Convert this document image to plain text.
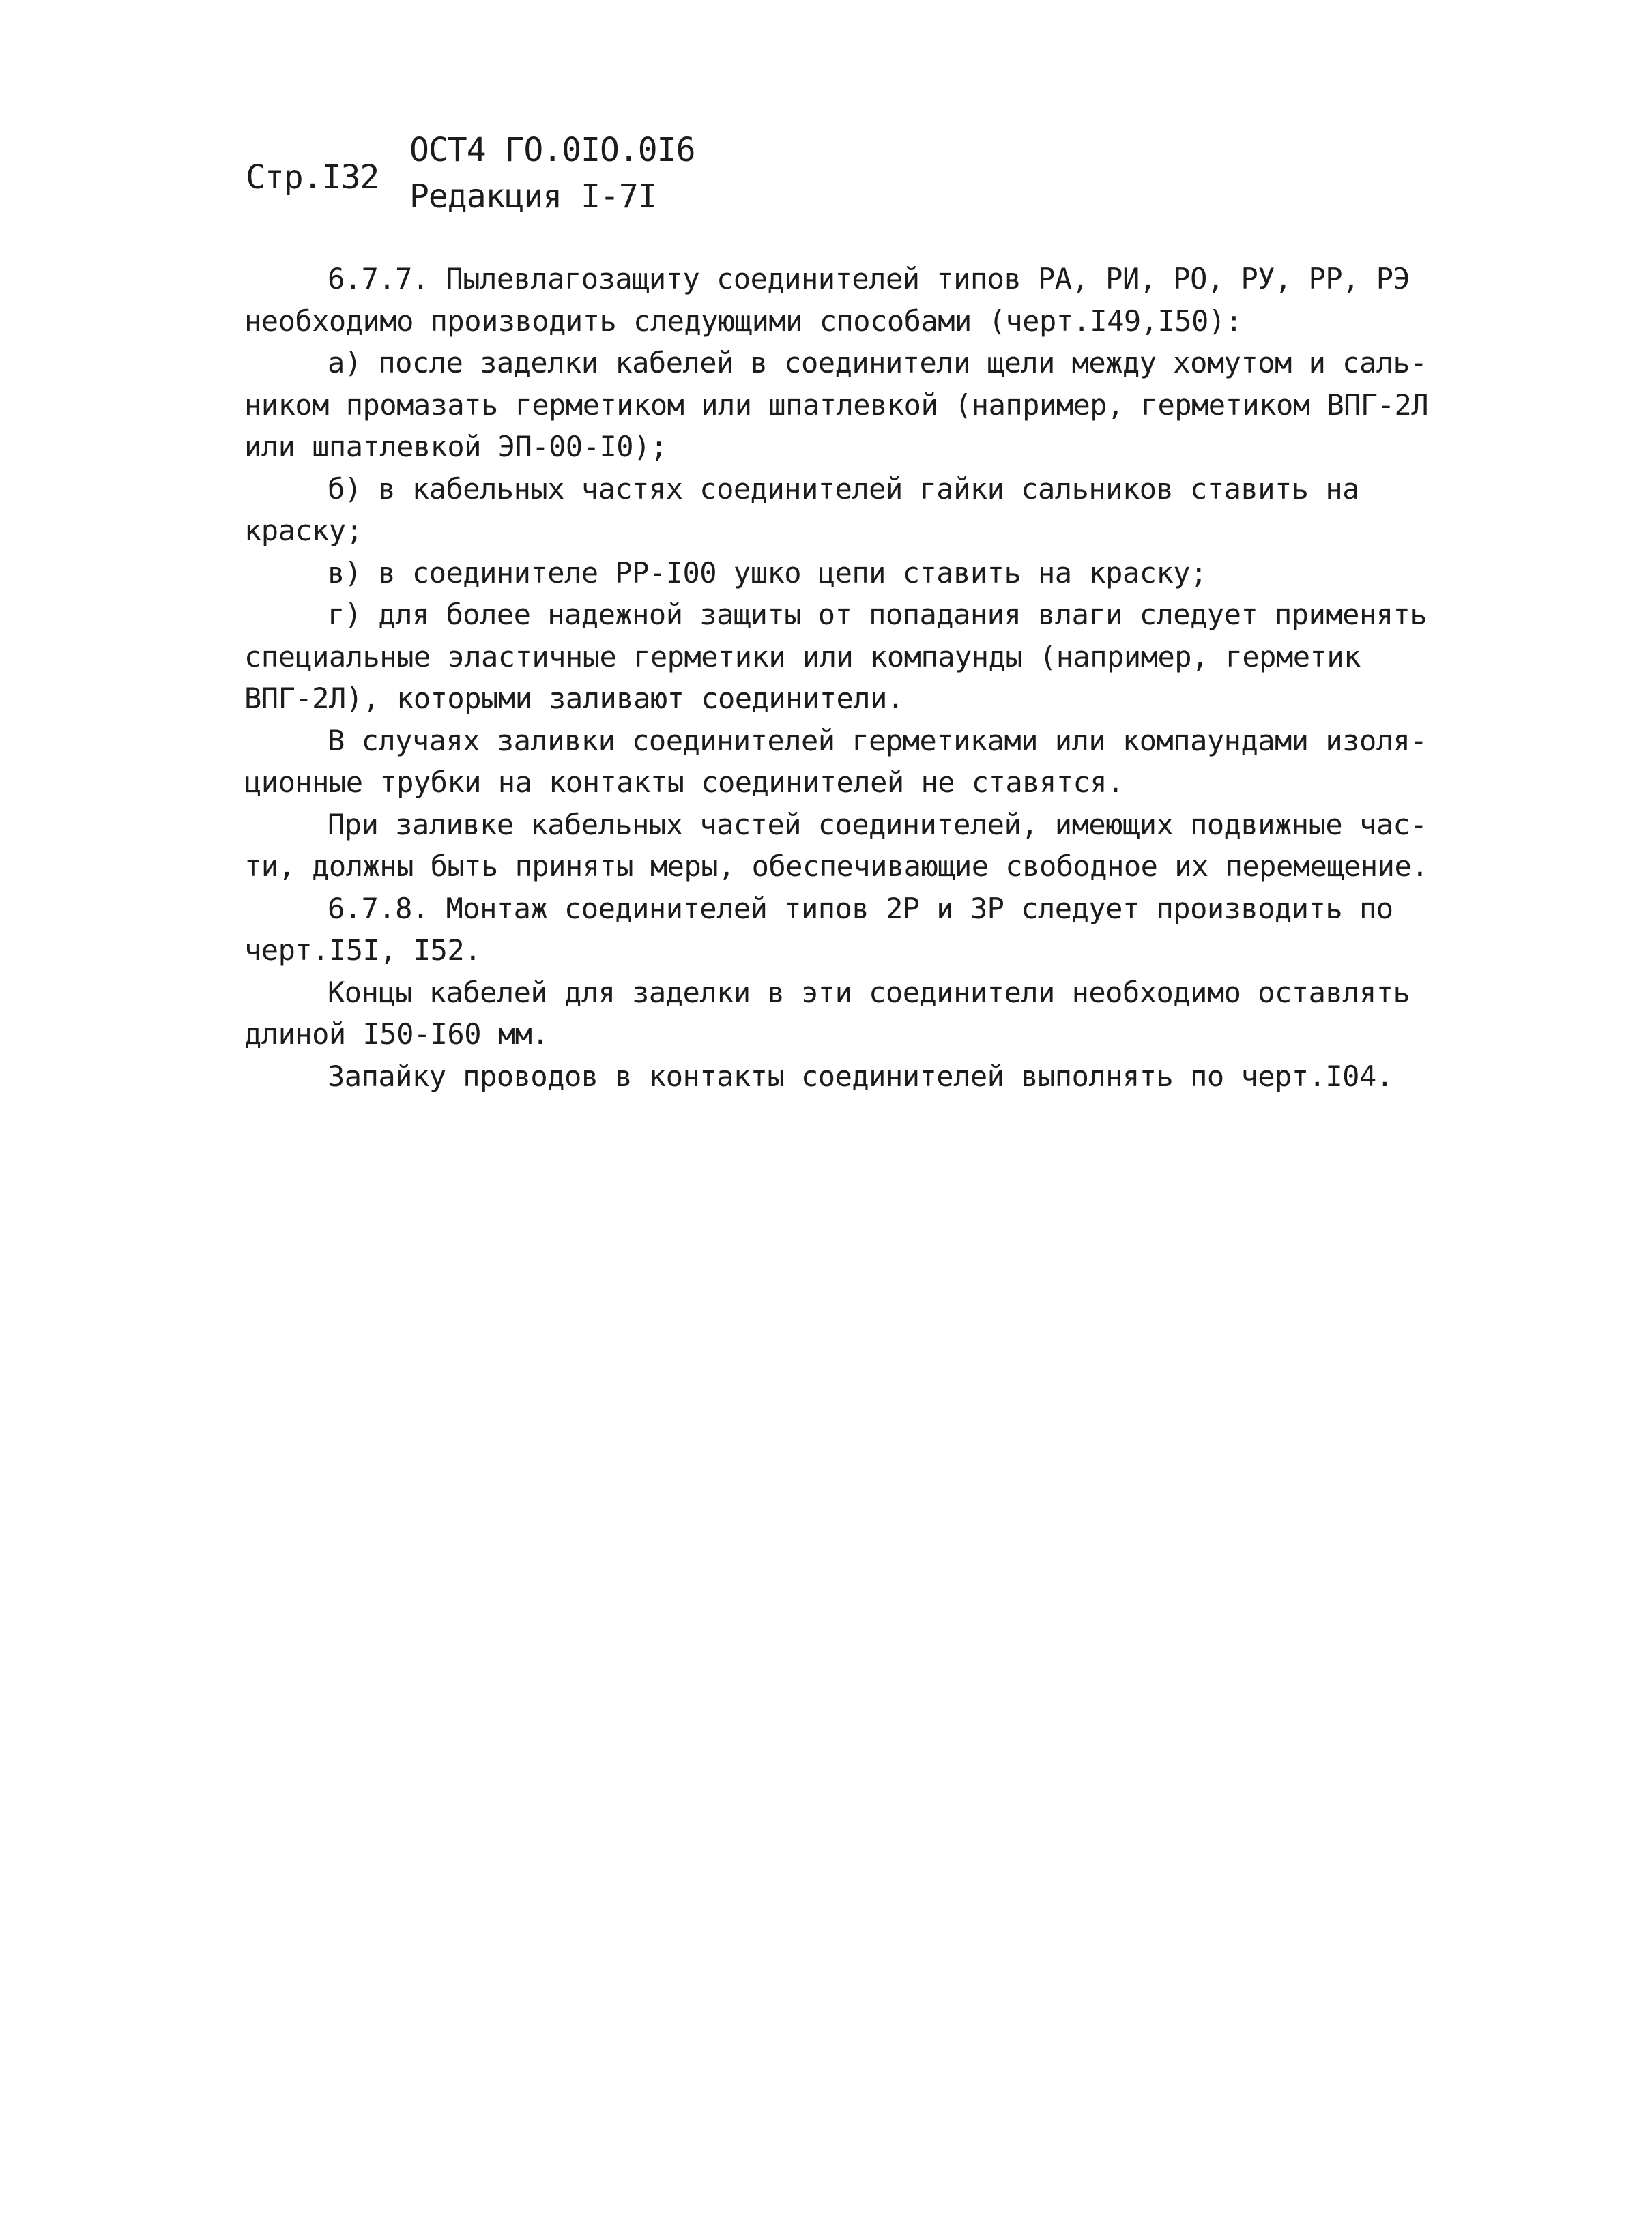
Стр.I32
ОСТ4 ГО.0IO.0I6
Редакция I-7I
6.7.7. Пылевлагозащиту соединителей типов РА, РИ, РО, РУ, РР, РЭ
необходимо производить следующими способами (черт.I49,I50):
а) после заделки кабелей в соединители щели между хомутом и саль-
ником промазать герметиком или шпатлевкой (например, герметиком ВПГ-2Л
или шпатлевкой ЭП-00-I0);
б) в кабельных частях соединителей гайки сальников ставить на
краску;
в) в соединителе РР-I00 ушко цепи ставить на краску;
г) для более надежной защиты от попадания влаги следует применять
специальные эластичные герметики или компаунды (например, герметик
ВПГ-2Л), которыми заливают соединители.
В случаях заливки соединителей герметиками или компаундами изоля-
ционные трубки на контакты соединителей не ставятся.
При заливке кабельных частей соединителей, имеющих подвижные час-
ти, должны быть приняты меры, обеспечивающие свободное их перемещение.
6.7.8. Монтаж соединителей типов 2Р и 3Р следует производить по
черт.I5I, I52.
Концы кабелей для заделки в эти соединители необходимо оставлять
длиной I50-I60 мм.
Запайку проводов в контакты соединителей выполнять по черт.I04.
